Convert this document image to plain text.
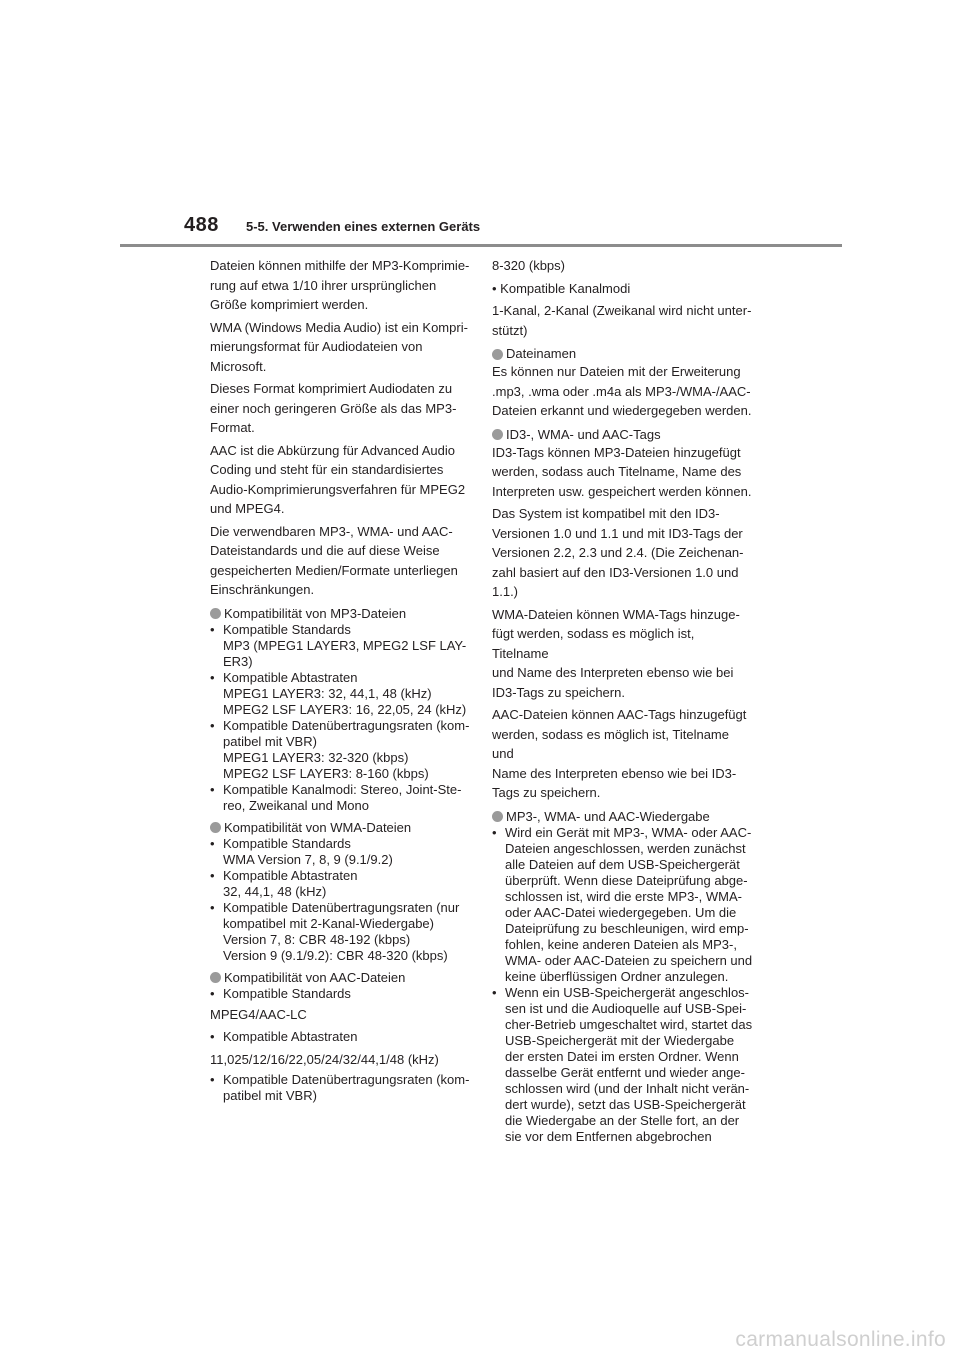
488 5-5. Verwenden eines externen Geräts

Dateien können mithilfe der MP3-Komprimie-
rung auf etwa 1/10 ihrer ursprünglichen
Größe komprimiert werden.

WMA (Windows Media Audio) ist ein Kompri-
mierungsformat für Audiodateien von
Microsoft.

Dieses Format komprimiert Audiodaten zu
einer noch geringeren Größe als das MP3-
Format.

AAC ist die Abkürzung für Advanced Audio
Coding und steht für ein standardisiertes
Audio-Komprimierungsverfahren für MPEG2
und MPEG4.

Die verwendbaren MP3-, WMA- und AAC-
Dateistandards und die auf diese Weise
gespeicherten Medien/Formate unterliegen
Einschränkungen.

Kompatibilität von MP3-Dateien
• Kompatible Standards
MP3 (MPEG1 LAYER3, MPEG2 LSF LAY-
ER3)
• Kompatible Abtastraten
MPEG1 LAYER3: 32, 44,1, 48 (kHz)
MPEG2 LSF LAYER3: 16, 22,05, 24 (kHz)
• Kompatible Datenübertragungsraten (kom-
patibel mit VBR)
MPEG1 LAYER3: 32-320 (kbps)
MPEG2 LSF LAYER3: 8-160 (kbps)
• Kompatible Kanalmodi: Stereo, Joint-Ste-
reo, Zweikanal und Mono
Kompatibilität von WMA-Dateien
• Kompatible Standards
WMA Version 7, 8, 9 (9.1/9.2)
• Kompatible Abtastraten
32, 44,1, 48 (kHz)
• Kompatible Datenübertragungsraten (nur
kompatibel mit 2-Kanal-Wiedergabe)
Version 7, 8: CBR 48-192 (kbps)
Version 9 (9.1/9.2): CBR 48-320 (kbps)
Kompatibilität von AAC-Dateien
• Kompatible Standards

MPEG4/AAC-LC

• Kompatible Abtastraten

11,025/12/16/22,05/24/32/44,1/48 (kHz)

• Kompatible Datenübertragungsraten (kom-
patibel mit VBR)

8-320 (kbps)

• Kompatible Kanalmodi

1-Kanal, 2-Kanal (Zweikanal wird nicht unter-
stützt)

Dateinamen

Es können nur Dateien mit der Erweiterung
.mp3, .wma oder .m4a als MP3-/WMA-/AAC-
Dateien erkannt und wiedergegeben werden.

ID3-, WMA- und AAC-Tags

ID3-Tags können MP3-Dateien hinzugefügt
werden, sodass auch Titelname, Name des
Interpreten usw. gespeichert werden können.

Das System ist kompatibel mit den ID3-
Versionen 1.0 und 1.1 und mit ID3-Tags der
Versionen 2.2, 2.3 und 2.4. (Die Zeichenan-
zahl basiert auf den ID3-Versionen 1.0 und
1.1.)

WMA-Dateien können WMA-Tags hinzuge-
fügt werden, sodass es möglich ist, Titelname
und Name des Interpreten ebenso wie bei
ID3-Tags zu speichern.

AAC-Dateien können AAC-Tags hinzugefügt
werden, sodass es möglich ist, Titelname und
Name des Interpreten ebenso wie bei ID3-
Tags zu speichern.

MP3-, WMA- und AAC-Wiedergabe
• Wird ein Gerät mit MP3-, WMA- oder AAC-
Dateien angeschlossen, werden zunächst
alle Dateien auf dem USB-Speichergerät
überprüft. Wenn diese Dateiprüfung abge-
schlossen ist, wird die erste MP3-, WMA-
oder AAC-Datei wiedergegeben. Um die
Dateiprüfung zu beschleunigen, wird emp-
fohlen, keine anderen Dateien als MP3-,
WMA- oder AAC-Dateien zu speichern und
keine überflüssigen Ordner anzulegen.
• Wenn ein USB-Speichergerät angeschlos-
sen ist und die Audioquelle auf USB-Spei-
cher-Betrieb umgeschaltet wird, startet das
USB-Speichergerät mit der Wiedergabe
der ersten Datei im ersten Ordner. Wenn
dasselbe Gerät entfernt und wieder ange-
schlossen wird (und der Inhalt nicht verän-
dert wurde), setzt das USB-Speichergerät
die Wiedergabe an der Stelle fort, an der
sie vor dem Entfernen abgebrochen
carmanualsonline.info
